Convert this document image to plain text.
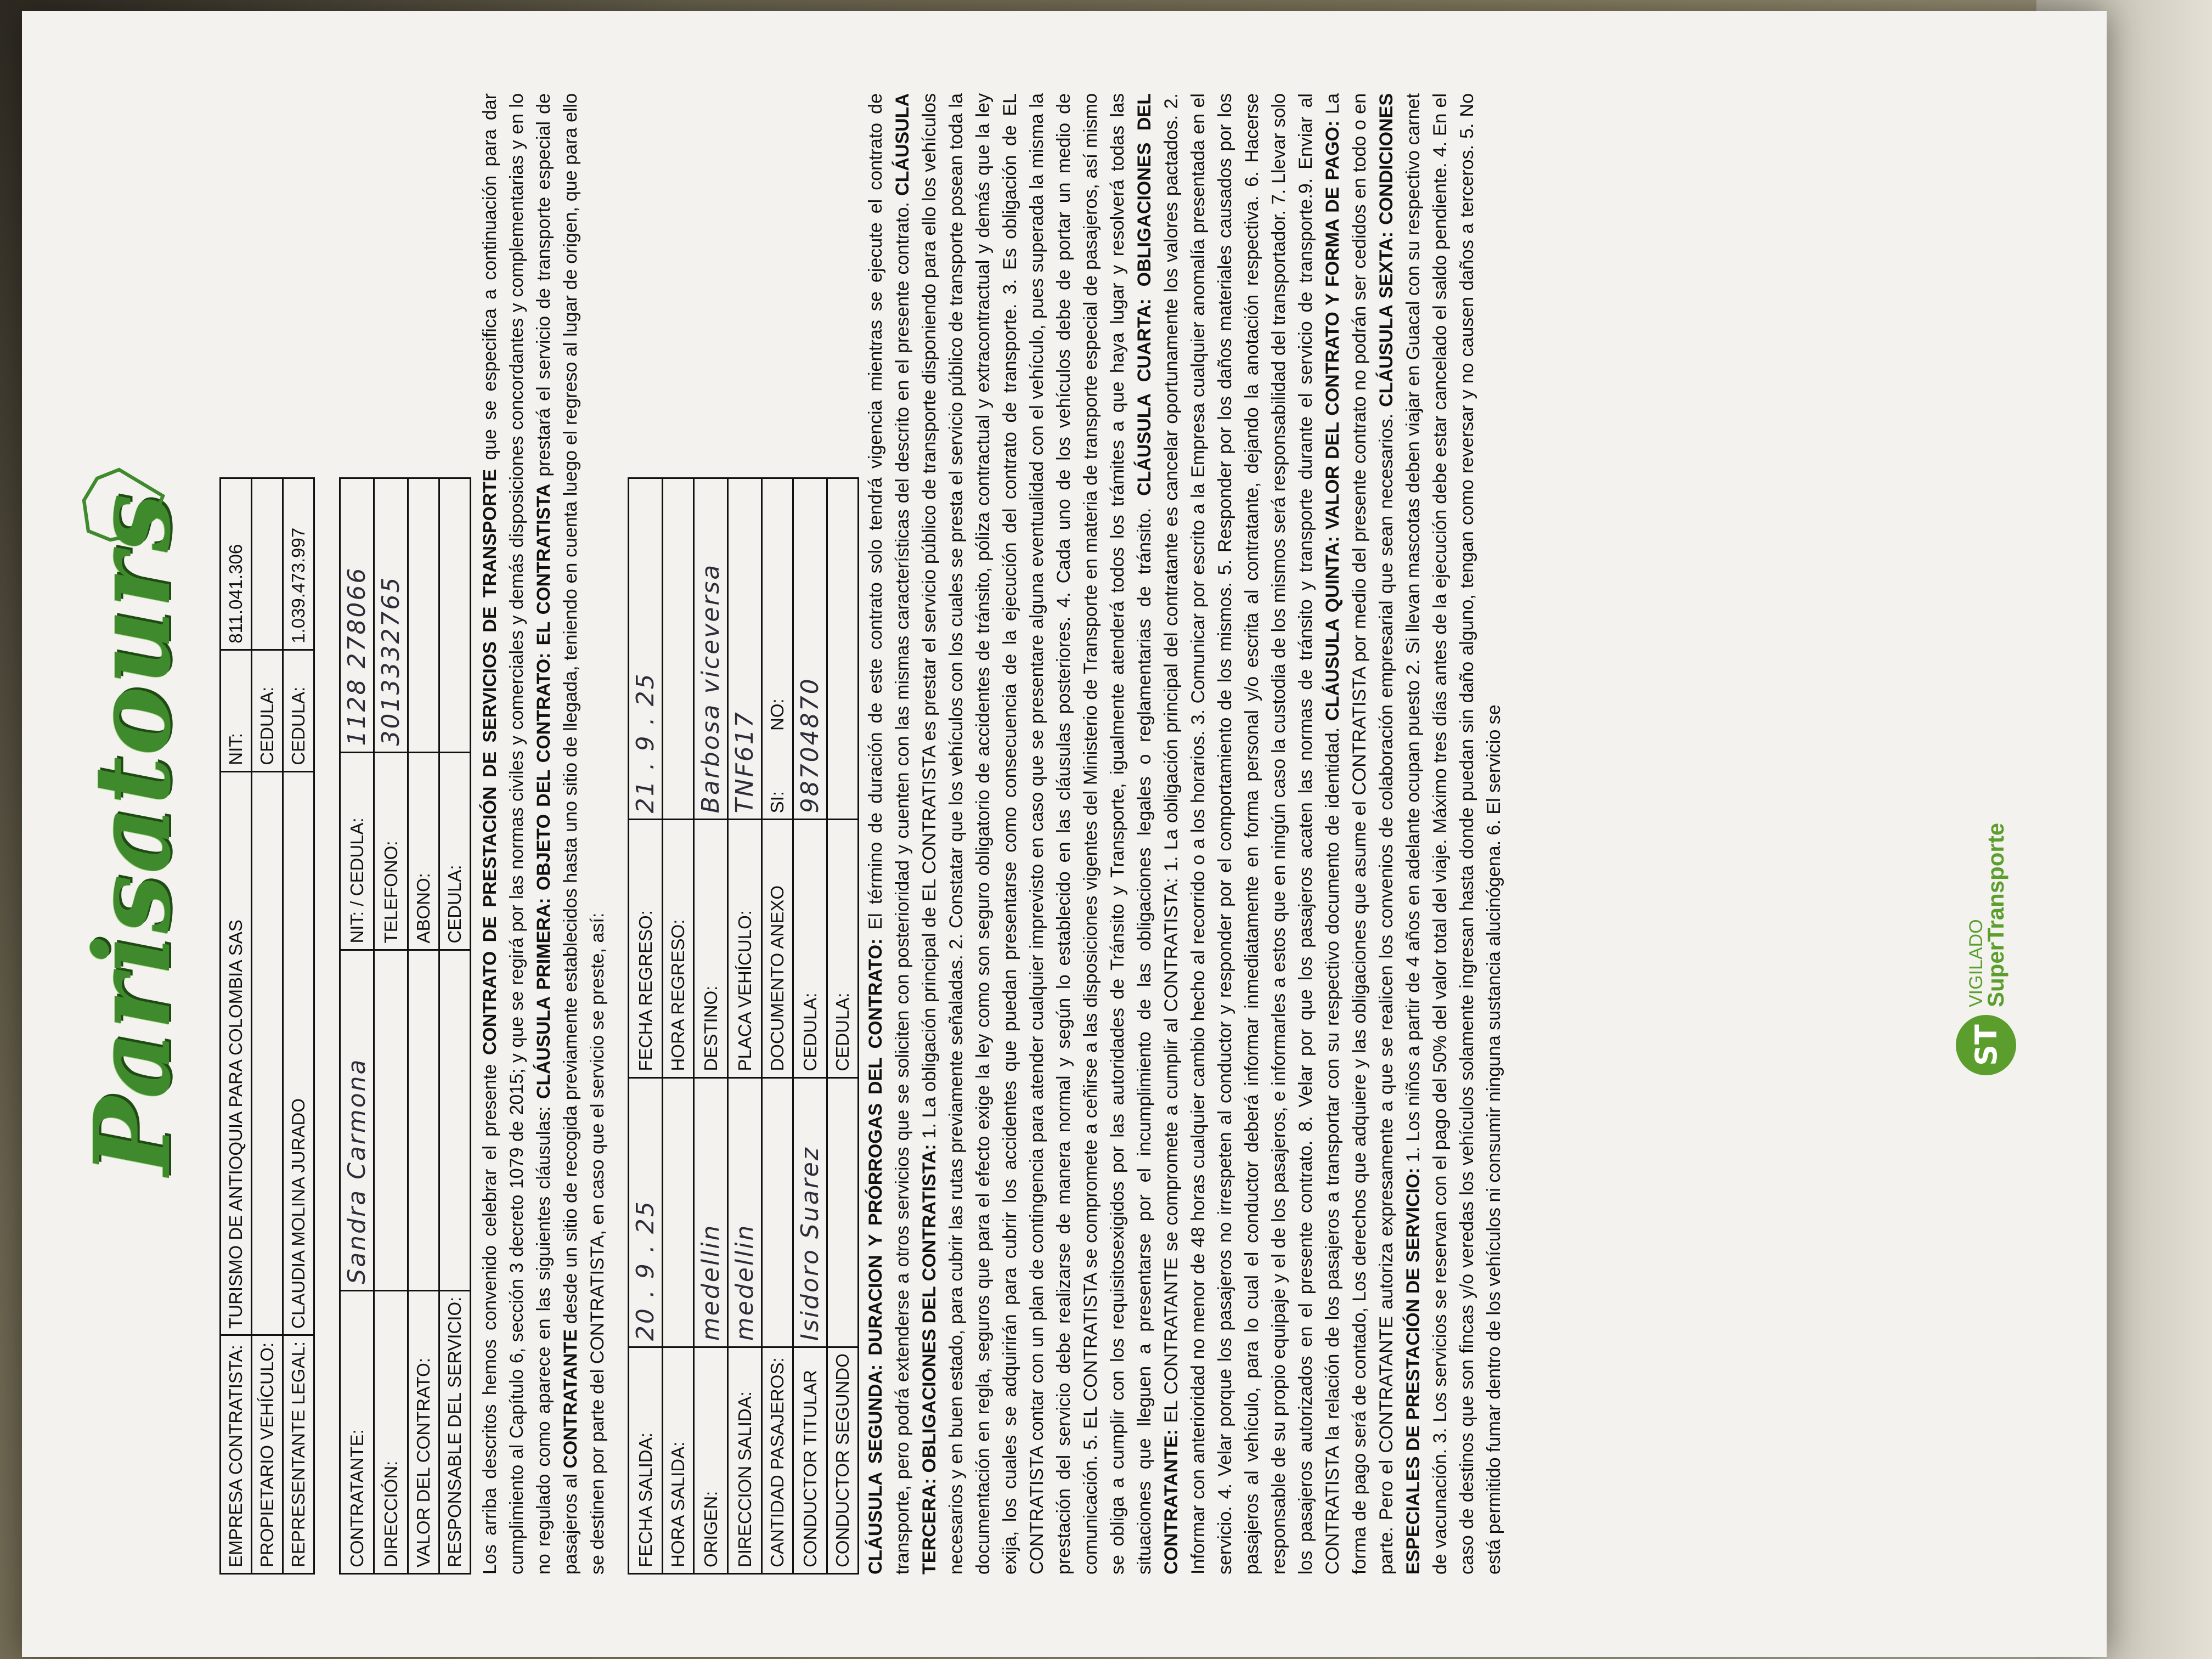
Parisatours
EMPRESA CONTRATISTA:	TURISMO DE ANTIOQUIA PARA COLOMBIA SAS	NIT:	811.041.306
PROPIETARIO VEHÍCULO:		CEDULA:	
REPRESENTANTE LEGAL:	CLAUDIA MOLINA JURADO	CEDULA:	1.039.473.997
CONTRATANTE:	Sandra Carmona	NIT: / CEDULA:	1128 278066
DIRECCIÓN:		TELEFONO:	3013332765
VALOR DEL CONTRATO:		ABONO:	
RESPONSABLE DEL SERVICIO:		CEDULA:	
Los arriba descritos hemos convenido celebrar el presente CONTRATO DE PRESTACIÓN DE SERVICIOS DE TRANSPORTE que se especifica a continuación para dar cumplimiento al Capítulo 6, sección 3 decreto 1079 de 2015; y que se regirá por las normas civiles y comerciales y demás disposiciones concordantes y complementarias y en lo no regulado como aparece en las siguientes cláusulas: CLÁUSULA PRIMERA: OBJETO DEL CONTRATO: EL CONTRATISTA prestará el servicio de transporte especial de pasajeros al CONTRATANTE desde un sitio de recogida previamente establecidos hasta uno sitio de llegada, teniendo en cuenta luego el regreso al lugar de origen, que para ello se destinen por parte del CONTRATISTA, en caso que el servicio se preste, así: FECHA SALIDA:	20 . 9 . 25	FECHA REGRESO:	21 . 9 . 25
HORA SALIDA:		HORA REGRESO:	
ORIGEN:	medellin	DESTINO:	Barbosa viceversa
DIRECCION SALIDA:	medellin	PLACA VEHÍCULO:	TNF617
CANTIDAD PASAJEROS:		DOCUMENTO ANEXO	SI:            NO:
CONDUCTOR TITULAR	Isidoro Suarez	CEDULA:	98704870
CONDUCTOR SEGUNDO		CEDULA:	CLÁUSULA SEGUNDA: DURACION Y PRÓRROGAS DEL CONTRATO: El término de duración de este contrato solo tendrá vigencia mientras se ejecute el contrato de transporte, pero podrá extenderse a otros servicios que se soliciten con posterioridad y cuenten con las mismas características del descrito en el presente contrato. CLÁUSULA TERCERA: OBLIGACIONES DEL CONTRATISTA: 1. La obligación principal de EL CONTRATISTA es prestar el servicio público de transporte disponiendo para ello los vehículos necesarios y en buen estado, para cubrir las rutas previamente señaladas. 2. Constatar que los vehículos con los cuales se presta el servicio público de transporte posean toda la documentación en regla, seguros que para el efecto exige la ley como son seguro obligatorio de accidentes de tránsito, póliza contractual y extracontractual y demás que la ley exija, los cuales se adquirirán para cubrir los accidentes que puedan presentarse como consecuencia de la ejecución del contrato de transporte. 3. Es obligación de EL CONTRATISTA contar con un plan de contingencia para atender cualquier imprevisto en caso que se presentare alguna eventualidad con el vehículo, pues superada la misma la prestación del servicio debe realizarse de manera normal y según lo establecido en las cláusulas posteriores. 4. Cada uno de los vehículos debe de portar un medio de comunicación. 5. EL CONTRATISTA se compromete a ceñirse a las disposiciones vigentes del Ministerio de Transporte en materia de transporte especial de pasajeros, así mismo se obliga a cumplir con los requisitosexigidos por las autoridades de Tránsito y Transporte, igualmente atenderá todos los trámites a que haya lugar y resolverá todas las situaciones que lleguen a presentarse por el incumplimiento de las obligaciones legales o reglamentarias de tránsito. CLÁUSULA CUARTA: OBLIGACIONES DEL CONTRATANTE: EL CONTRATANTE se compromete a cumplir al CONTRATISTA: 1. La obligación principal del contratante es cancelar oportunamente los valores pactados. 2. Informar con anterioridad no menor de 48 horas cualquier cambio hecho al recorrido o a los horarios. 3. Comunicar por escrito a la Empresa cualquier anomalía presentada en el servicio. 4. Velar porque los pasajeros no irrespeten al conductor y responder por el comportamiento de los mismos. 5. Responder por los daños materiales causados por los pasajeros al vehículo, para lo cual el conductor deberá informar inmediatamente en forma personal y/o escrita al contratante, dejando la anotación respectiva. 6. Hacerse responsable de su propio equipaje y el de los pasajeros, e informarles a estos que en ningún caso la custodia de los mismos será responsabilidad del transportador. 7. Llevar solo los pasajeros autorizados en el presente contrato. 8. Velar por que los pasajeros acaten las normas de tránsito y transporte durante el servicio de transporte.9. Enviar al CONTRATISTA la relación de los pasajeros a transportar con su respectivo documento de identidad. CLÁUSULA QUINTA: VALOR DEL CONTRATO Y FORMA DE PAGO: La forma de pago será de contado, Los derechos que adquiere y las obligaciones que asume el CONTRATISTA por medio del presente contrato no podrán ser cedidos en todo o en parte. Pero el CONTRATANTE autoriza expresamente a que se realicen los convenios de colaboración empresarial que sean necesarios. CLÁUSULA SEXTA: CONDICIONES ESPECIALES DE PRESTACIÓN DE SERVICIO: 1. Los niños a partir de 4 años en adelante ocupan puesto 2. Si llevan mascotas deben viajar en Guacal con su respectivo carnet de vacunación. 3. Los servicios se reservan con el pago del 50% del valor total del viaje. Máximo tres días antes de la ejecución debe estar cancelado el saldo pendiente. 4. En el caso de destinos que son fincas y/o veredas los vehículos solamente ingresan hasta donde puedan sin daño alguno, tengan como reversar y no causen daños a terceros. 5. No está permitido fumar dentro de los vehículos ni consumir ninguna sustancia alucinógena. 6. El servicio se	ST
VIGILADO
SuperTransporte
